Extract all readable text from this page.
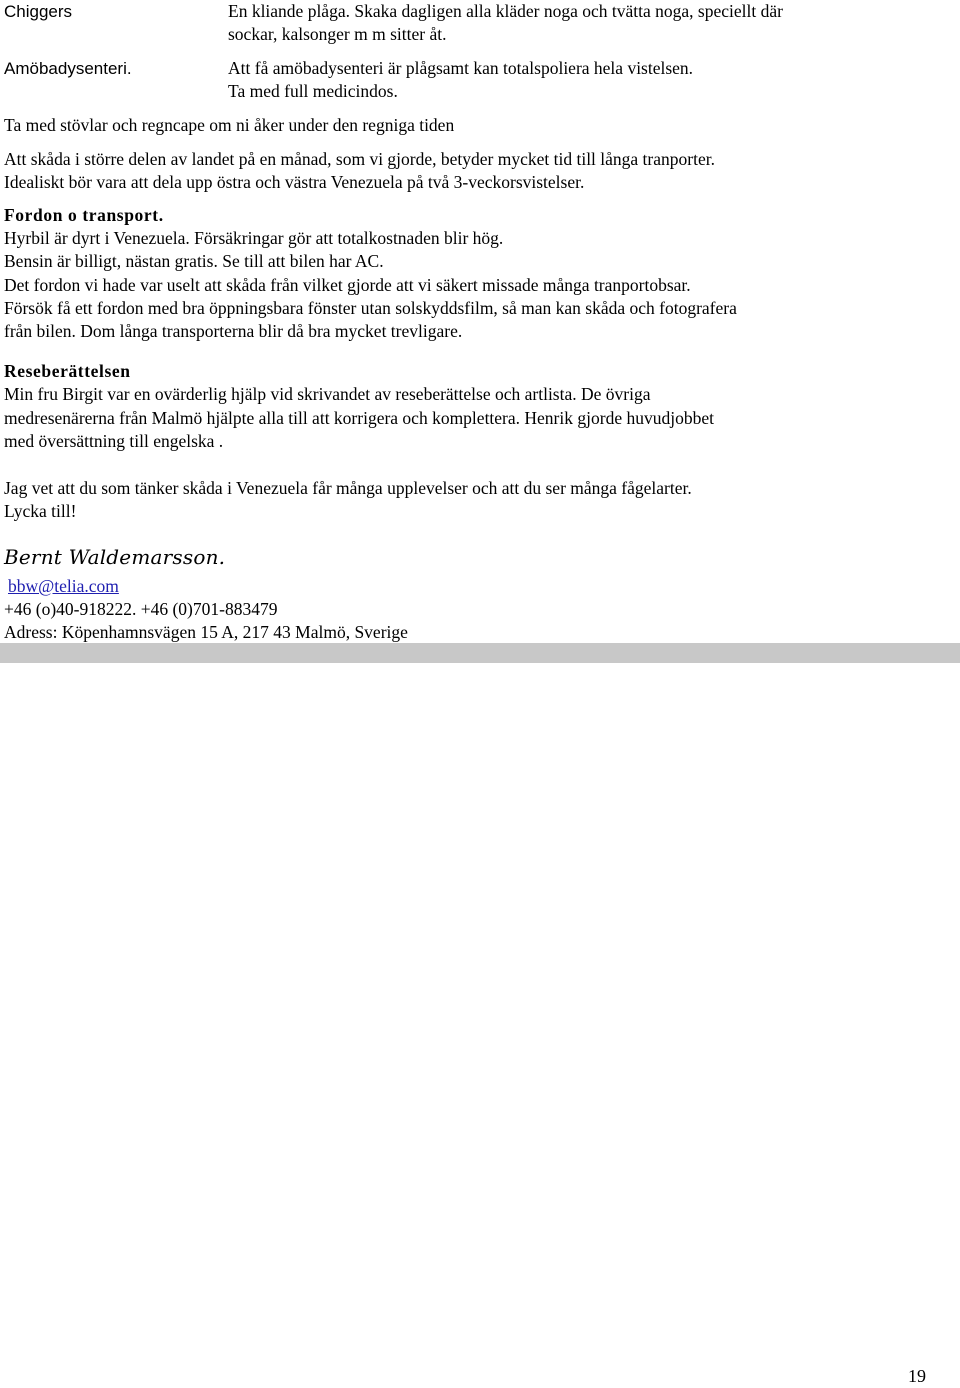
Chiggers	En kliande plåga. Skaka dagligen alla kläder noga och tvätta noga, speciellt där
sockar, kalsonger m m sitter åt.
Amöbadysenteri.	Att få amöbadysenteri är plågsamt kan totalspoliera hela vistelsen.
Ta med full medicindos.
Ta med stövlar och regncape om ni åker under den regniga tiden
Att skåda i större delen av landet på en månad, som vi gjorde, betyder mycket tid till långa tranporter.
Idealiskt bör vara att dela upp östra och västra Venezuela på två 3-veckorsvistelser.
Fordon o transport.
Hyrbil är dyrt i Venezuela. Försäkringar gör att totalkostnaden blir hög.
Bensin är billigt, nästan gratis. Se till att bilen har AC.
Det fordon vi hade var uselt att skåda från vilket gjorde att vi säkert missade många tranportobsar.
Försök få ett fordon med bra öppningsbara fönster utan solskyddsfilm, så man kan skåda och fotografera
från bilen. Dom långa transporterna blir då bra mycket trevligare.
Reseberättelsen
Min fru Birgit var en ovärderlig hjälp vid skrivandet av reseberättelse och artlista. De övriga
medresenärerna från Malmö hjälpte alla till att korrigera och komplettera. Henrik gjorde huvudjobbet
med översättning till engelska .
Jag vet att du som tänker skåda i Venezuela får många upplevelser och att du ser många fågelarter.
Lycka till!
Bernt Waldemarsson.
bbw@telia.com
+46 (o)40-918222. +46 (0)701-883479
Adress: Köpenhamnsvägen 15 A, 217 43 Malmö, Sverige
19
